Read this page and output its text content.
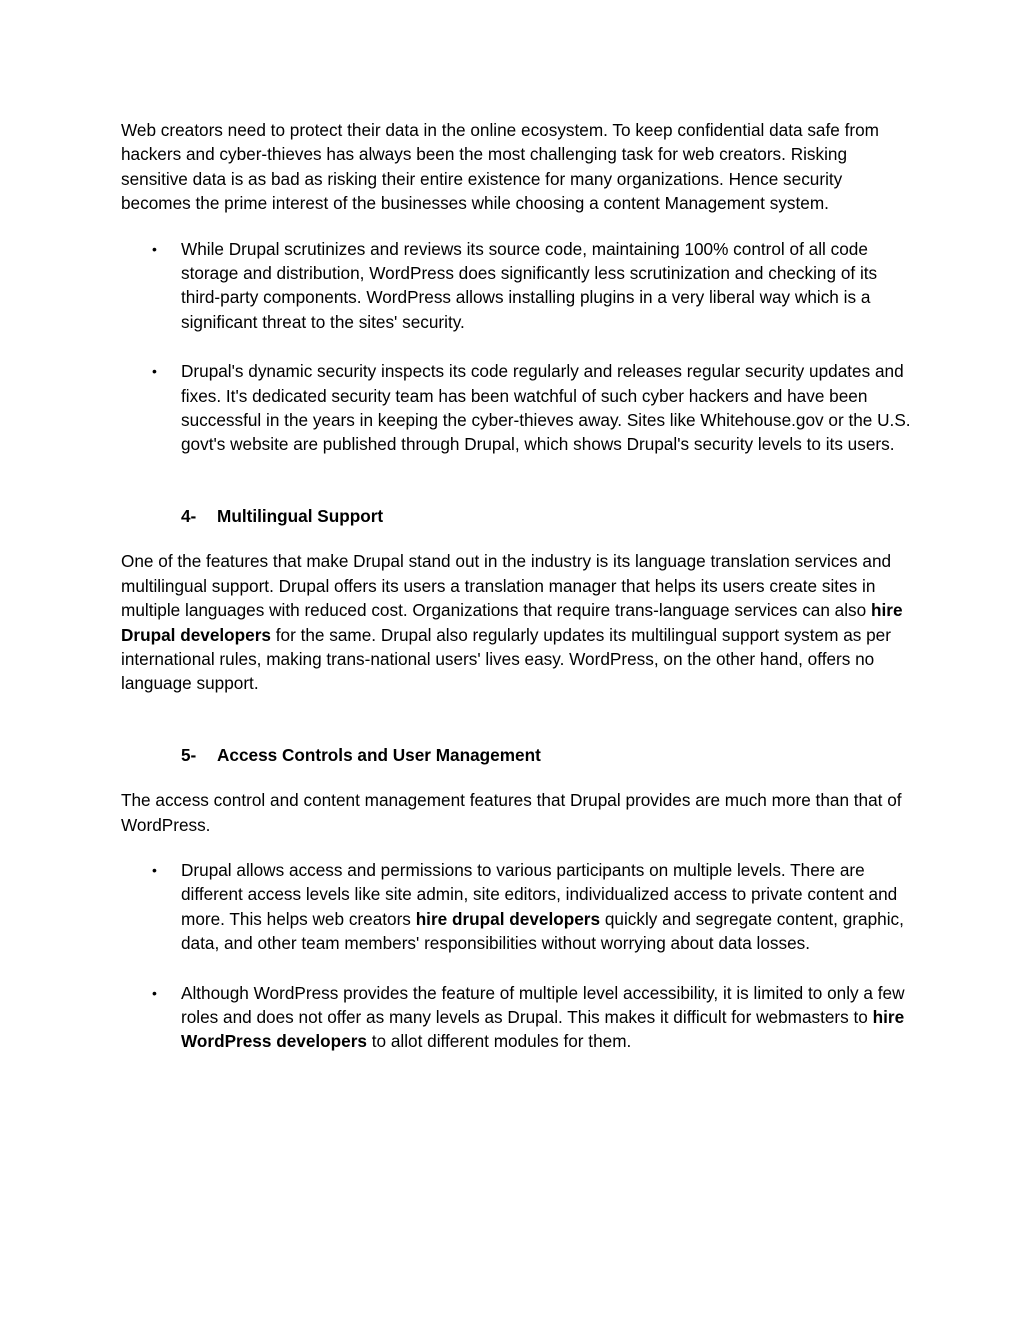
Web creators need to protect their data in the online ecosystem. To keep confidential data safe from hackers and cyber-thieves has always been the most challenging task for web creators. Risking sensitive data is as bad as risking their entire existence for many organizations. Hence security becomes the prime interest of the businesses while choosing a content Management system.

• While Drupal scrutinizes and reviews its source code, maintaining 100% control of all code storage and distribution, WordPress does significantly less scrutinization and checking of its third-party components. WordPress allows installing plugins in a very liberal way which is a significant threat to the sites' security.
• Drupal's dynamic security inspects its code regularly and releases regular security updates and fixes. It's dedicated security team has been watchful of such cyber hackers and have been successful in the years in keeping the cyber-thieves away. Sites like Whitehouse.gov or the U.S. govt's website are published through Drupal, which shows Drupal's security levels to its users.

4- Multilingual Support

One of the features that make Drupal stand out in the industry is its language translation services and multilingual support. Drupal offers its users a translation manager that helps its users create sites in multiple languages with reduced cost. Organizations that require trans-language services can also hire Drupal developers for the same. Drupal also regularly updates its multilingual support system as per international rules, making trans-national users' lives easy. WordPress, on the other hand, offers no language support.

5- Access Controls and User Management

The access control and content management features that Drupal provides are much more than that of WordPress.

• Drupal allows access and permissions to various participants on multiple levels. There are different access levels like site admin, site editors, individualized access to private content and more. This helps web creators hire drupal developers quickly and segregate content, graphic, data, and other team members' responsibilities without worrying about data losses.
• Although WordPress provides the feature of multiple level accessibility, it is limited to only a few roles and does not offer as many levels as Drupal. This makes it difficult for webmasters to hire WordPress developers to allot different modules for them.
